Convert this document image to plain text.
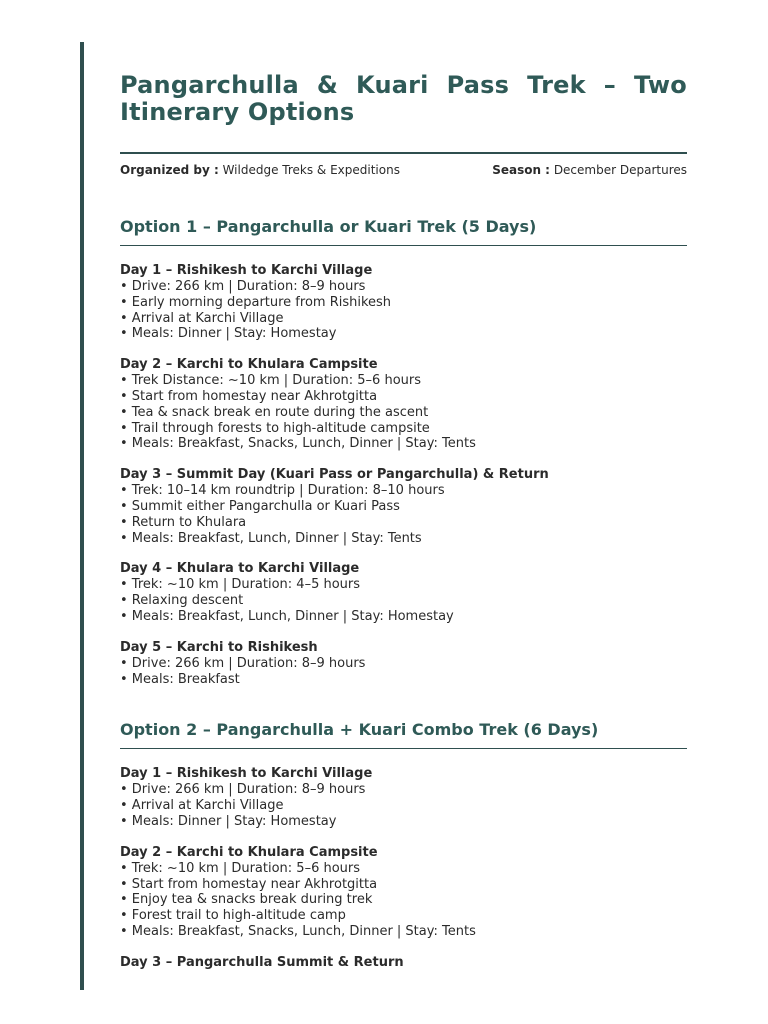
Pangarchulla & Kuari Pass Trek – Two Itinerary Options
Organized by : Wildedge Treks & Expeditions	Season : December Departures
Option 1 – Pangarchulla or Kuari Trek (5 Days)
Day 1 – Rishikesh to Karchi Village
• Drive: 266 km | Duration: 8–9 hours
• Early morning departure from Rishikesh
• Arrival at Karchi Village
• Meals: Dinner | Stay: Homestay
Day 2 – Karchi to Khulara Campsite
• Trek Distance: ~10 km | Duration: 5–6 hours
• Start from homestay near Akhrotgitta
• Tea & snack break en route during the ascent
• Trail through forests to high-altitude campsite
• Meals: Breakfast, Snacks, Lunch, Dinner | Stay: Tents
Day 3 – Summit Day (Kuari Pass or Pangarchulla) & Return
• Trek: 10–14 km roundtrip | Duration: 8–10 hours
• Summit either Pangarchulla or Kuari Pass
• Return to Khulara
• Meals: Breakfast, Lunch, Dinner | Stay: Tents
Day 4 – Khulara to Karchi Village
• Trek: ~10 km | Duration: 4–5 hours
• Relaxing descent
• Meals: Breakfast, Lunch, Dinner | Stay: Homestay
Day 5 – Karchi to Rishikesh
• Drive: 266 km | Duration: 8–9 hours
• Meals: Breakfast
Option 2 – Pangarchulla + Kuari Combo Trek (6 Days)
Day 1 – Rishikesh to Karchi Village
• Drive: 266 km | Duration: 8–9 hours
• Arrival at Karchi Village
• Meals: Dinner | Stay: Homestay
Day 2 – Karchi to Khulara Campsite
• Trek: ~10 km | Duration: 5–6 hours
• Start from homestay near Akhrotgitta
• Enjoy tea & snacks break during trek
• Forest trail to high-altitude camp
• Meals: Breakfast, Snacks, Lunch, Dinner | Stay: Tents
Day 3 – Pangarchulla Summit & Return
